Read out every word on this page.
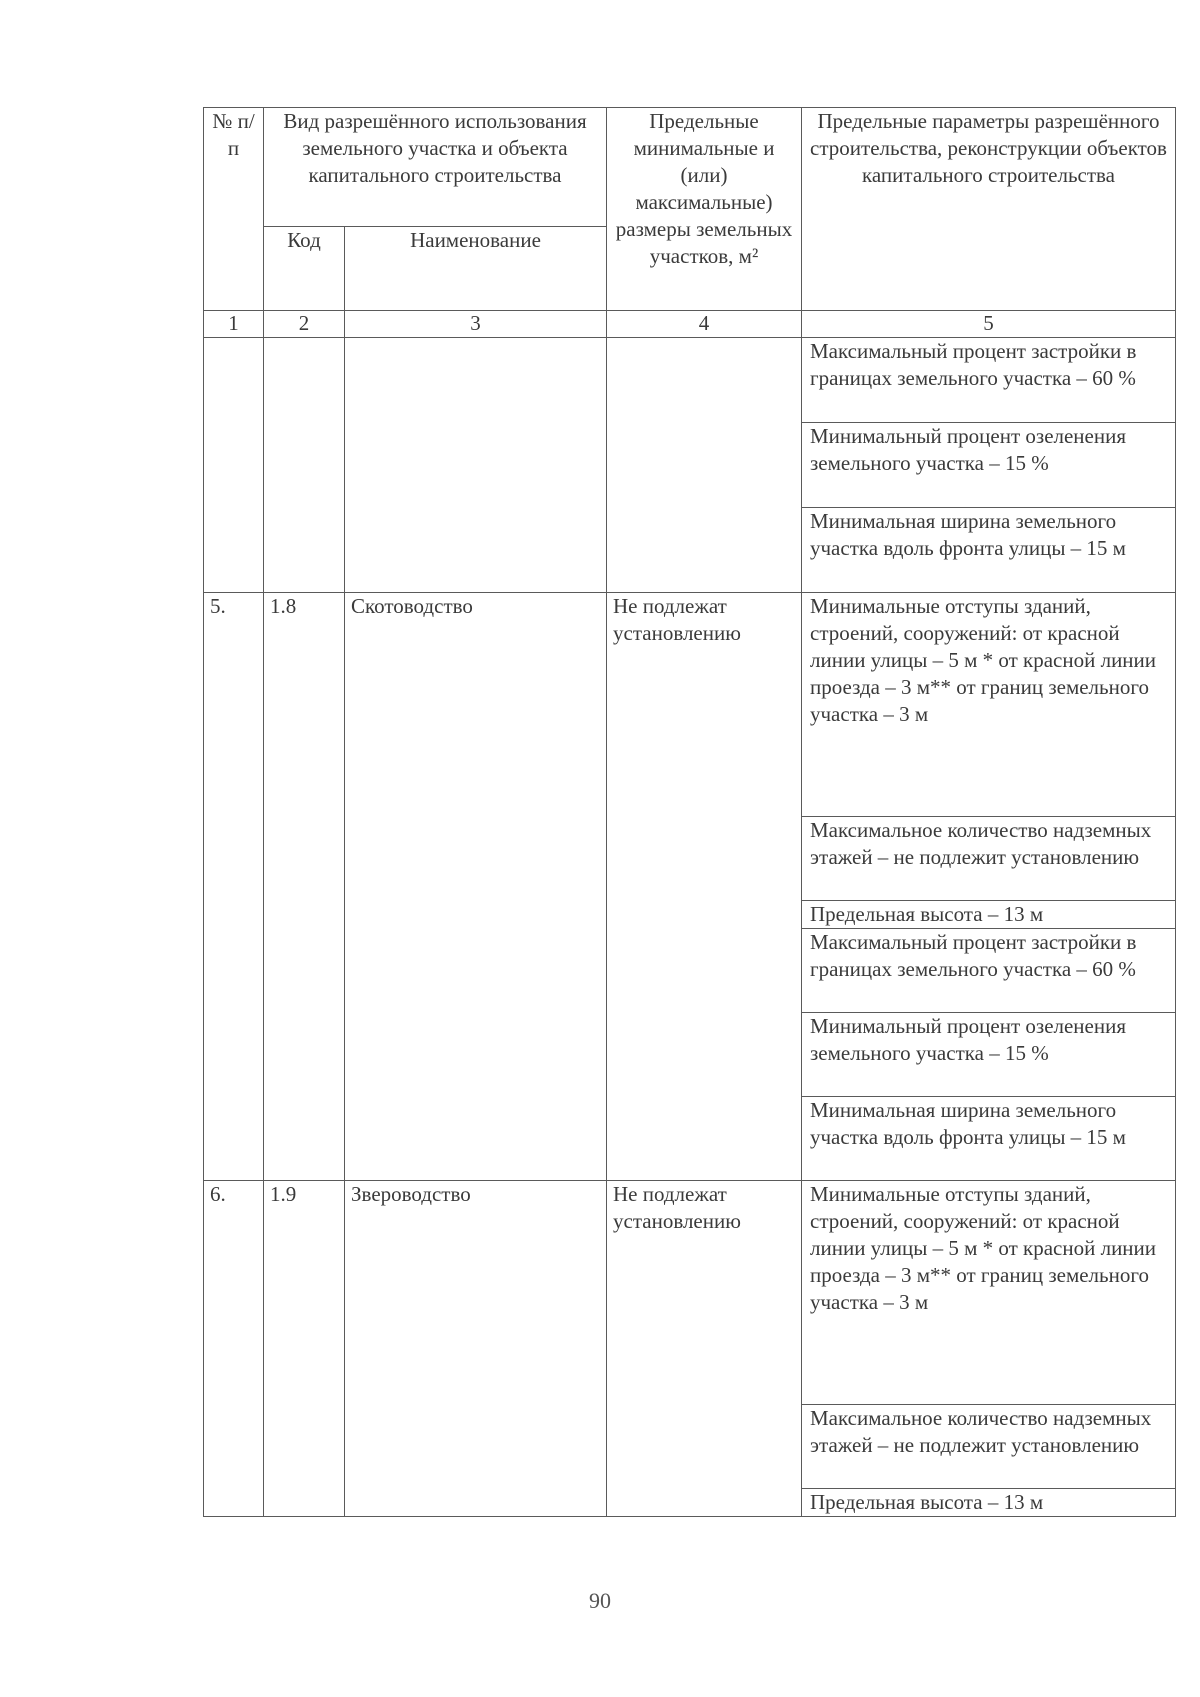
№ п/п	Вид разрешённого использования земельного участка и объекта капитального строительства		Предельные минимальные и (или) максимальные) размеры земельных участков, м²	Предельные параметры разрешённого строительства, реконструкции объектов капитального строительства
	Код	Наименование		
1	2	3	4	5
				Максимальный процент застройки в границах земельного участка – 60 %
				Минимальный процент озеленения земельного участка – 15 %
				Минимальная ширина земельного участка вдоль фронта улицы – 15 м
5.	1.8	Скотоводство	Не подлежат установлению	Минимальные отступы зданий, строений, сооружений: от красной линии улицы – 5 м * от красной линии проезда – 3 м** от границ земельного участка – 3 м
				Максимальное количество надземных этажей – не подлежит установлению
				Предельная высота – 13 м
				Максимальный процент застройки в границах земельного участка – 60 %
				Минимальный процент озеленения земельного участка – 15 %
				Минимальная ширина земельного участка вдоль фронта улицы – 15 м
6.	1.9	Звероводство	Не подлежат установлению	Минимальные отступы зданий, строений, сооружений: от красной линии улицы – 5 м * от красной линии проезда – 3 м** от границ земельного участка – 3 м
				Максимальное количество надземных этажей – не подлежит установлению
				Предельная высота – 13 м
90
